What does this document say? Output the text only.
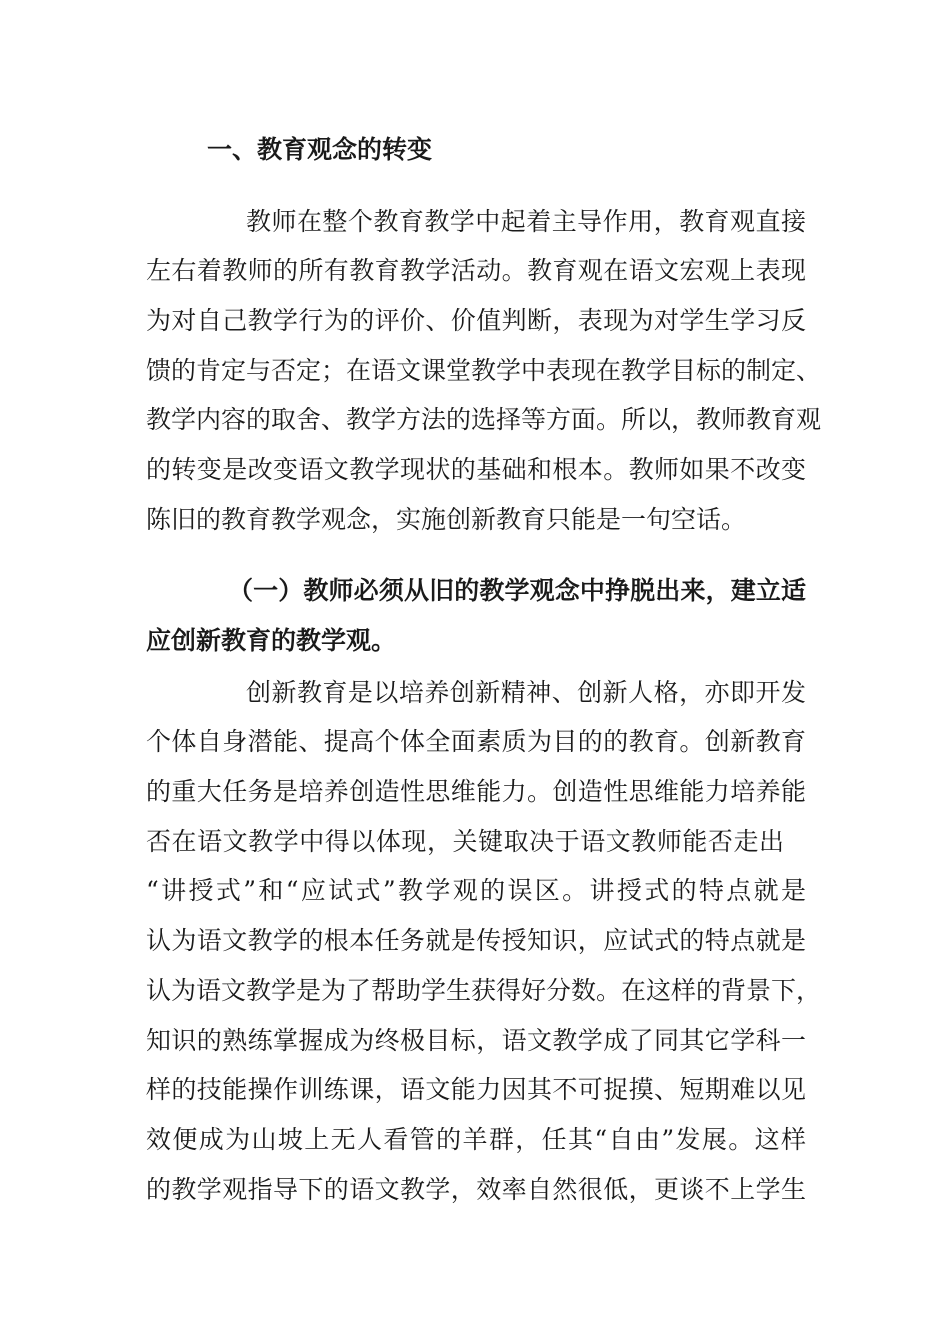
一、教育观念的转变
教师在整个教育教学中起着主导作用，教育观直接
左右着教师的所有教育教学活动。教育观在语文宏观上表现
为对自己教学行为的评价、价值判断，表现为对学生学习反
馈的肯定与否定；在语文课堂教学中表现在教学目标的制定、
教学内容的取舍、教学方法的选择等方面。所以，教师教育观
的转变是改变语文教学现状的基础和根本。教师如果不改变
陈旧的教育教学观念，实施创新教育只能是一句空话。
（一）教师必须从旧的教学观念中挣脱出来，建立适
应创新教育的教学观。
创新教育是以培养创新精神、创新人格，亦即开发
个体自身潜能、提高个体全面素质为目的的教育。创新教育
的重大任务是培养创造性思维能力。创造性思维能力培养能
否在语文教学中得以体现，关键取决于语文教师能否走出
“讲授式”和“应试式”教学观的误区。讲授式的特点就是
认为语文教学的根本任务就是传授知识，应试式的特点就是
认为语文教学是为了帮助学生获得好分数。在这样的背景下，
知识的熟练掌握成为终极目标，语文教学成了同其它学科一
样的技能操作训练课，语文能力因其不可捉摸、短期难以见
效便成为山坡上无人看管的羊群，任其“自由”发展。这样
的教学观指导下的语文教学，效率自然很低，更谈不上学生
